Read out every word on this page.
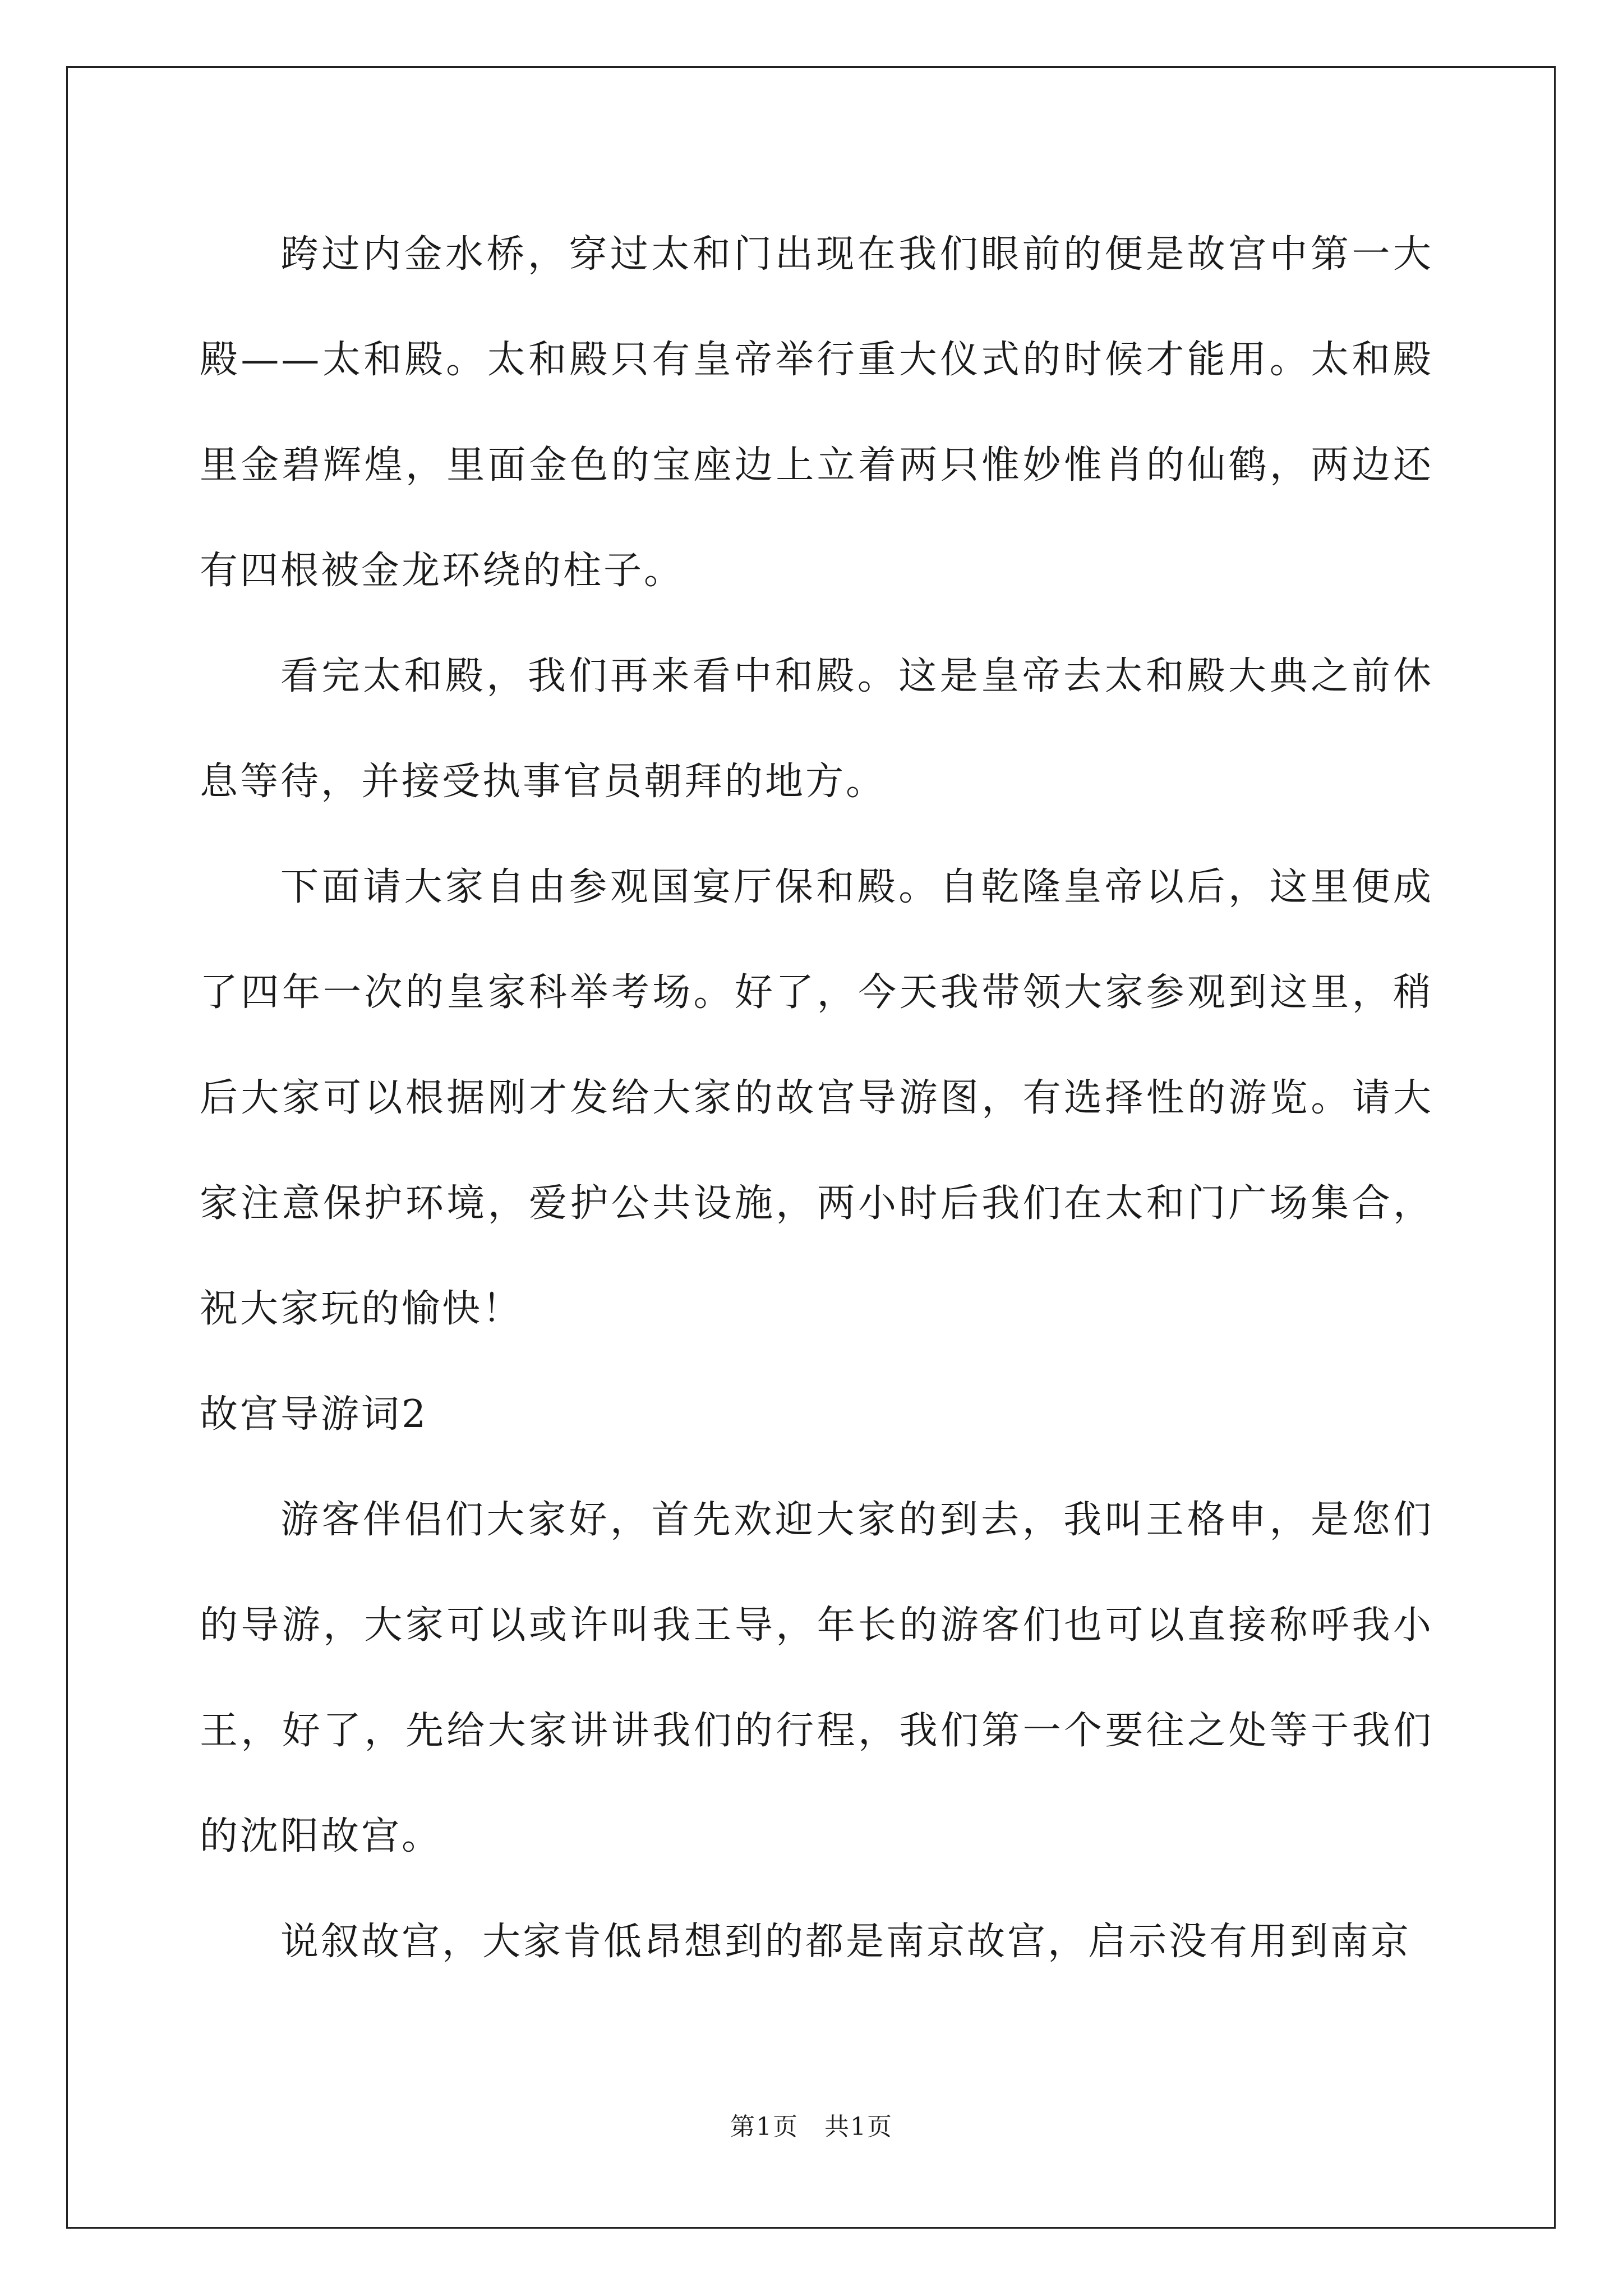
跨过内金水桥，穿过太和门出现在我们眼前的便是故宫中第一大殿——太和殿。太和殿只有皇帝举行重大仪式的时候才能用。太和殿里金碧辉煌，里面金色的宝座边上立着两只惟妙惟肖的仙鹤，两边还有四根被金龙环绕的柱子。

看完太和殿，我们再来看中和殿。这是皇帝去太和殿大典之前休息等待，并接受执事官员朝拜的地方。

下面请大家自由参观国宴厅保和殿。自乾隆皇帝以后，这里便成了四年一次的皇家科举考场。好了，今天我带领大家参观到这里，稍后大家可以根据刚才发给大家的故宫导游图，有选择性的游览。请大家注意保护环境，爱护公共设施，两小时后我们在太和门广场集合，祝大家玩的愉快！

故宫导游词2

游客伴侣们大家好，首先欢迎大家的到去，我叫王格申，是您们的导游，大家可以或许叫我王导，年长的游客们也可以直接称呼我小王，好了，先给大家讲讲我们的行程，我们第一个要往之处等于我们的沈阳故宫。

说叙故宫，大家肯低昂想到的都是南京故宫，启示没有用到南京

第1页　共1页
